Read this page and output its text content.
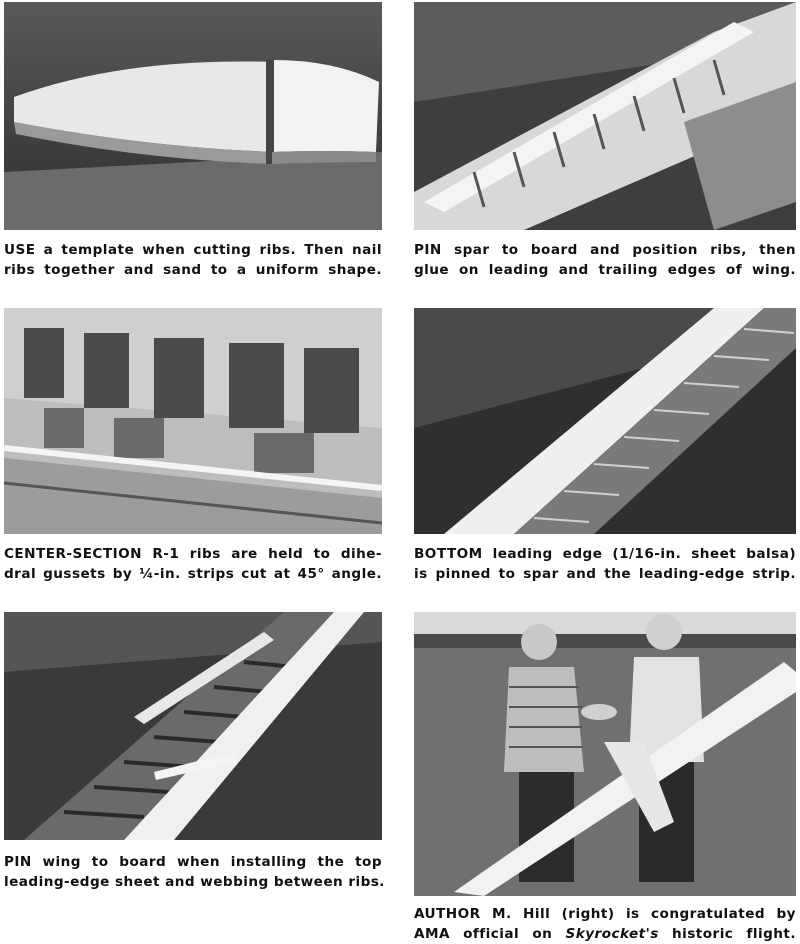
USE a template when cutting ribs. Then nail
ribs together and sand to a uniform shape.
PIN spar to board and position ribs, then
glue on leading and trailing edges of wing.
CENTER-SECTION R-1 ribs are held to dihe-
dral gussets by ¼-in. strips cut at 45° angle.
BOTTOM leading edge (1/16-in. sheet balsa)
is pinned to spar and the leading-edge strip.
PIN wing to board when installing the top
leading-edge sheet and webbing between ribs.
AUTHOR M. Hill (right) is congratulated by
AMA official on Skyrocket's historic flight.
